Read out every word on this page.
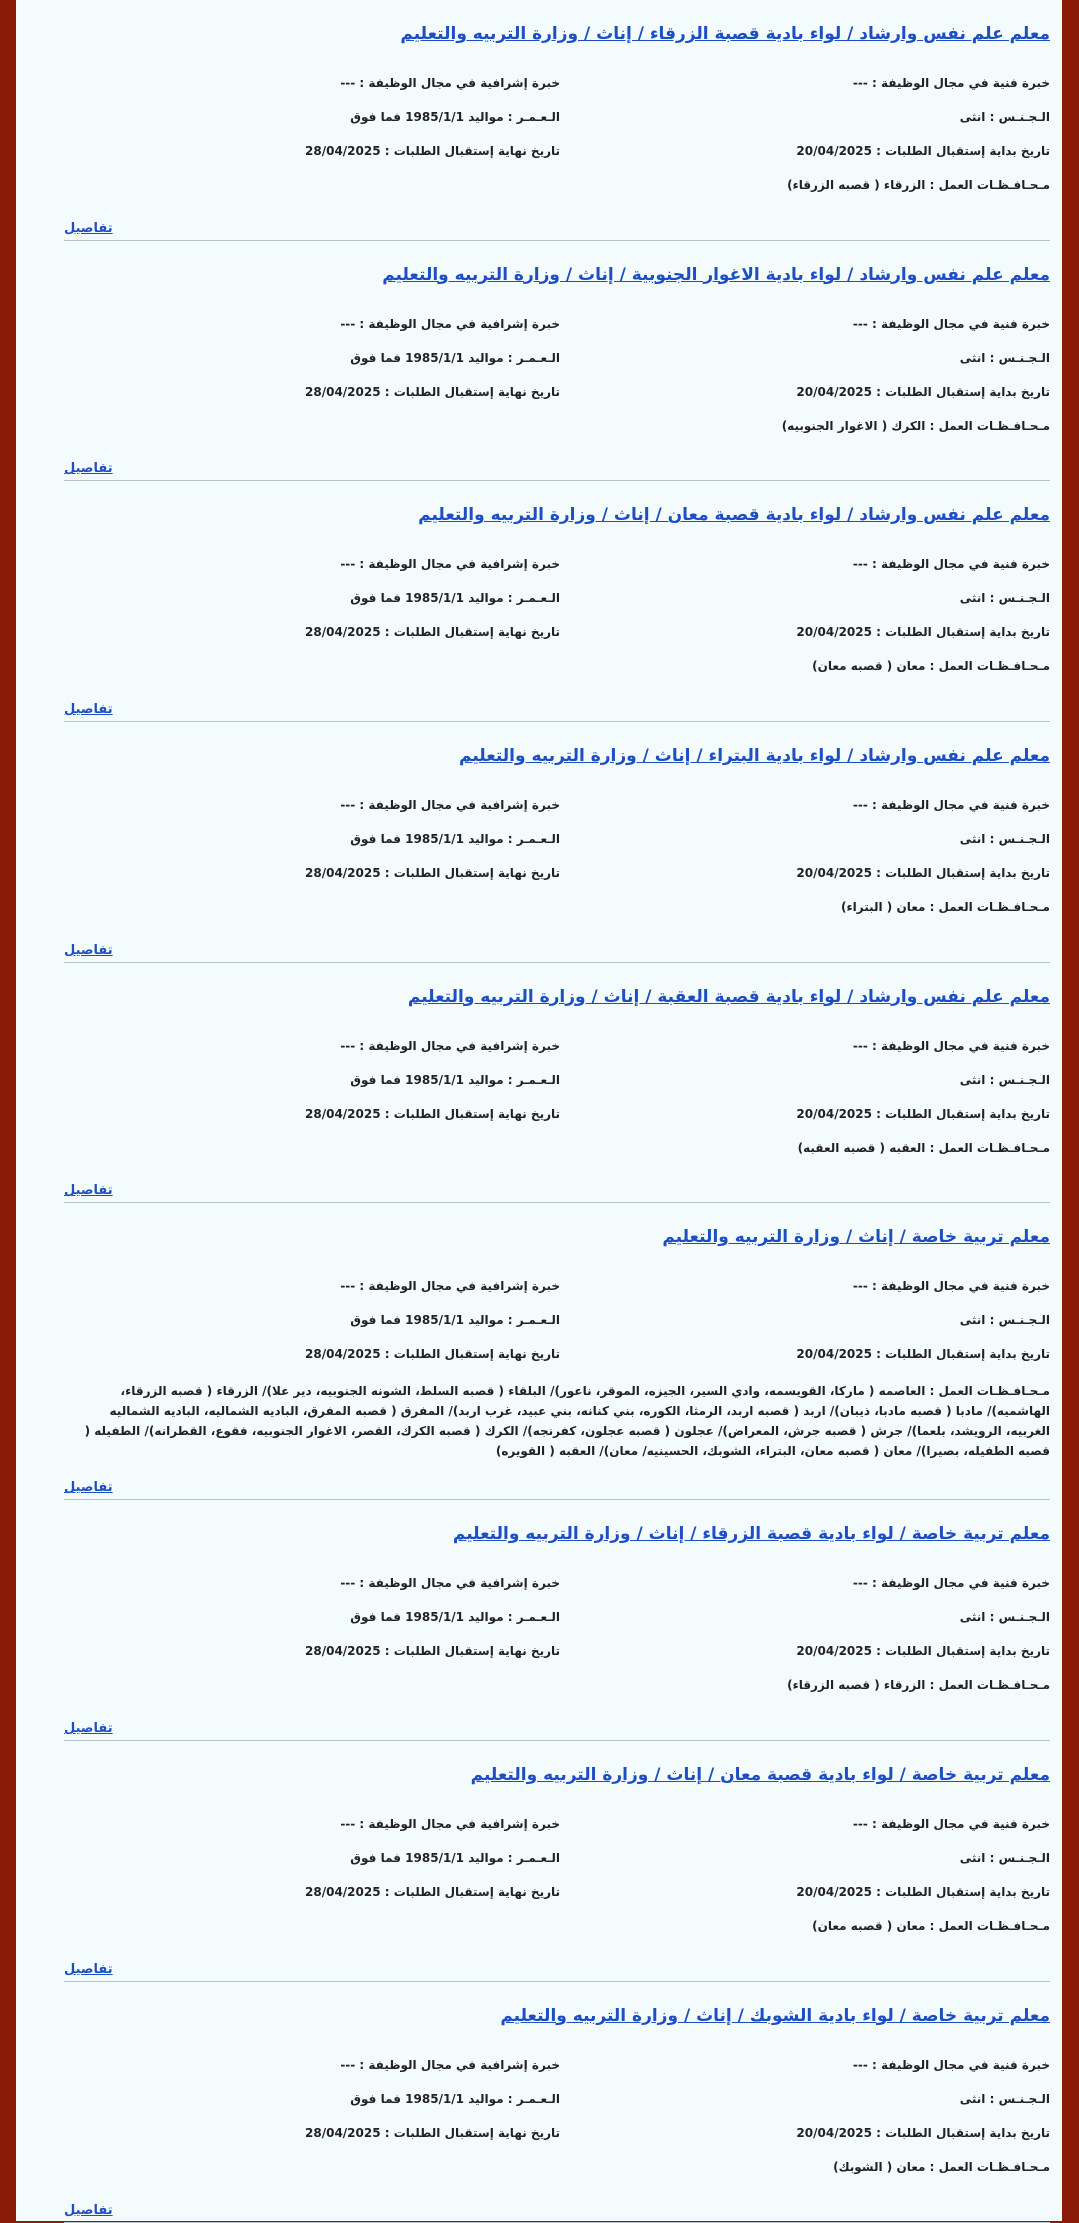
معلم علم نفس وارشاد / لواء بادية قصبة الزرقاء / إناث / وزارة التربيه والتعليم
خبرة فنية في مجال الوظيفة : ---
خبرة إشرافية في مجال الوظيفة : ---
الـجـنـس : انثى
الـعـمـر : مواليد 1985/1/1 فما فوق
تاريخ بداية إستقبال الطلبات : 20/04/2025
تاريخ نهاية إستقبال الطلبات : 28/04/2025
مـحـافـظـات العمل : الزرقاء ( قصبه الزرقاء)
تفاصيل
معلم علم نفس وارشاد / لواء بادية الاغوار الجنوبية / إناث / وزارة التربيه والتعليم
خبرة فنية في مجال الوظيفة : ---
خبرة إشرافية في مجال الوظيفة : ---
الـجـنـس : انثى
الـعـمـر : مواليد 1985/1/1 فما فوق
تاريخ بداية إستقبال الطلبات : 20/04/2025
تاريخ نهاية إستقبال الطلبات : 28/04/2025
مـحـافـظـات العمل : الكرك ( الاغوار الجنوبيه)
تفاصيل
معلم علم نفس وارشاد / لواء بادية قصبة معان / إناث / وزارة التربيه والتعليم
خبرة فنية في مجال الوظيفة : ---
خبرة إشرافية في مجال الوظيفة : ---
الـجـنـس : انثى
الـعـمـر : مواليد 1985/1/1 فما فوق
تاريخ بداية إستقبال الطلبات : 20/04/2025
تاريخ نهاية إستقبال الطلبات : 28/04/2025
مـحـافـظـات العمل : معان ( قصبه معان)
تفاصيل
معلم علم نفس وارشاد / لواء بادية البتراء / إناث / وزارة التربيه والتعليم
خبرة فنية في مجال الوظيفة : ---
خبرة إشرافية في مجال الوظيفة : ---
الـجـنـس : انثى
الـعـمـر : مواليد 1985/1/1 فما فوق
تاريخ بداية إستقبال الطلبات : 20/04/2025
تاريخ نهاية إستقبال الطلبات : 28/04/2025
مـحـافـظـات العمل : معان ( البتراء)
تفاصيل
معلم علم نفس وارشاد / لواء بادية قصبة العقبة / إناث / وزارة التربيه والتعليم
خبرة فنية في مجال الوظيفة : ---
خبرة إشرافية في مجال الوظيفة : ---
الـجـنـس : انثى
الـعـمـر : مواليد 1985/1/1 فما فوق
تاريخ بداية إستقبال الطلبات : 20/04/2025
تاريخ نهاية إستقبال الطلبات : 28/04/2025
مـحـافـظـات العمل : العقبه ( قصبه العقبه)
تفاصيل
معلم تربية خاصة / إناث / وزارة التربيه والتعليم
خبرة فنية في مجال الوظيفة : ---
خبرة إشرافية في مجال الوظيفة : ---
الـجـنـس : انثى
الـعـمـر : مواليد 1985/1/1 فما فوق
تاريخ بداية إستقبال الطلبات : 20/04/2025
تاريخ نهاية إستقبال الطلبات : 28/04/2025
مـحـافـظـات العمل : العاصمه ( ماركا، القويسمه، وادي السير، الجيزه، الموقر، ناعور)/ البلقاء ( قصبه السلط، الشونه الجنوبيه، دير علا)/ الزرقاء ( قصبه الزرقاء، الهاشميه)/ مادبا ( قصبه مادبا، ذيبان)/ اربد ( قصبه اربد، الرمثا، الكوره، بني كنانه، بني عبيد، غرب اربد)/ المفرق ( قصبه المفرق، الباديه الشماليه، الباديه الشماليه الغربيه، الرويشد، بلعما)/ جرش ( قصبه جرش، المعراض)/ عجلون ( قصبه عجلون، كفرنجه)/ الكرك ( قصبه الكرك، القصر، الاغوار الجنوبيه، فقوع، القطرانه)/ الطفيله ( قصبه الطفيله، بصيرا)/ معان ( قصبه معان، البتراء، الشوبك، الحسينيه/ معان)/ العقبه ( القويره)
تفاصيل
معلم تربية خاصة / لواء بادية قصبة الزرقاء / إناث / وزارة التربيه والتعليم
خبرة فنية في مجال الوظيفة : ---
خبرة إشرافية في مجال الوظيفة : ---
الـجـنـس : انثى
الـعـمـر : مواليد 1985/1/1 فما فوق
تاريخ بداية إستقبال الطلبات : 20/04/2025
تاريخ نهاية إستقبال الطلبات : 28/04/2025
مـحـافـظـات العمل : الزرقاء ( قصبه الزرقاء)
تفاصيل
معلم تربية خاصة / لواء بادية قصبة معان / إناث / وزارة التربيه والتعليم
خبرة فنية في مجال الوظيفة : ---
خبرة إشرافية في مجال الوظيفة : ---
الـجـنـس : انثى
الـعـمـر : مواليد 1985/1/1 فما فوق
تاريخ بداية إستقبال الطلبات : 20/04/2025
تاريخ نهاية إستقبال الطلبات : 28/04/2025
مـحـافـظـات العمل : معان ( قصبه معان)
تفاصيل
معلم تربية خاصة / لواء بادية الشوبك / إناث / وزارة التربيه والتعليم
خبرة فنية في مجال الوظيفة : ---
خبرة إشرافية في مجال الوظيفة : ---
الـجـنـس : انثى
الـعـمـر : مواليد 1985/1/1 فما فوق
تاريخ بداية إستقبال الطلبات : 20/04/2025
تاريخ نهاية إستقبال الطلبات : 28/04/2025
مـحـافـظـات العمل : معان ( الشوبك)
تفاصيل
